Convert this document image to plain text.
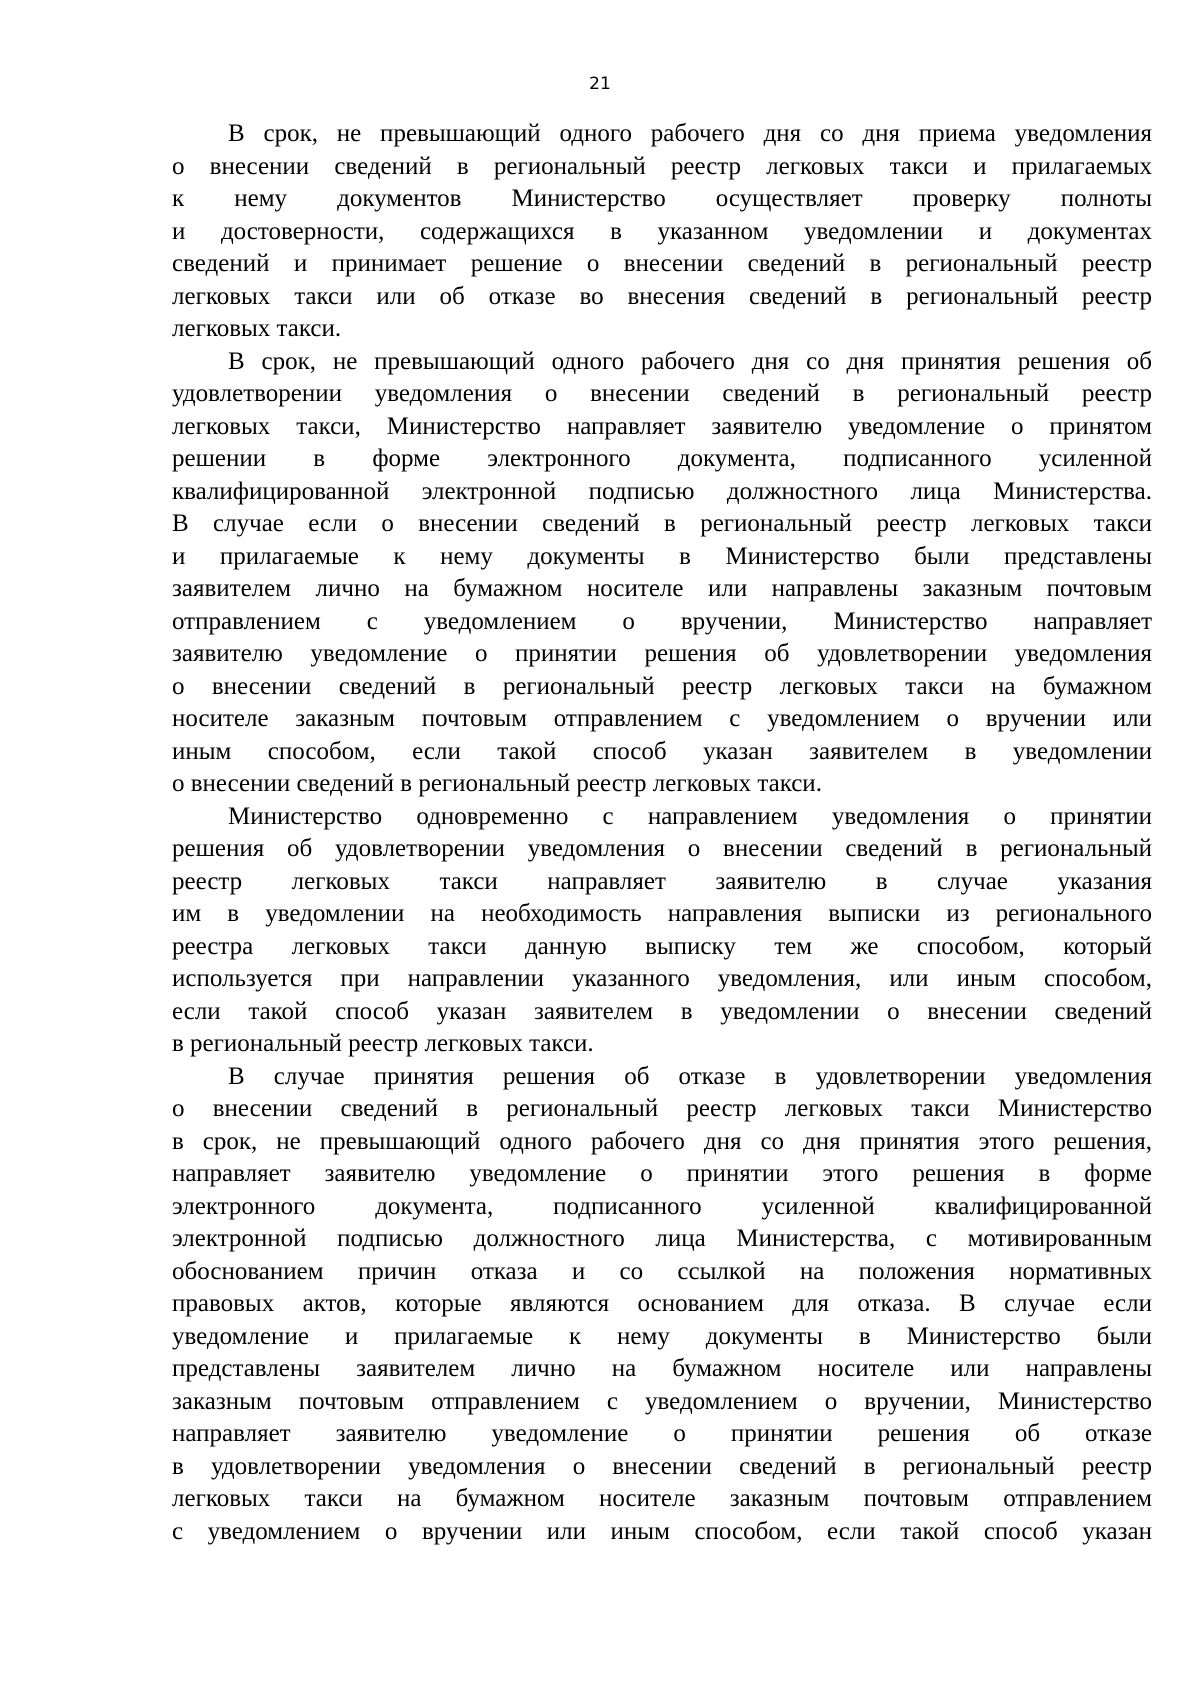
21
В срок, не превышающий одного рабочего дня со дня приема уведомления
о внесении сведений в региональный реестр легковых такси и прилагаемых
к нему документов Министерство осуществляет проверку полноты
и достоверности, содержащихся в указанном уведомлении и документах
сведений и принимает решение о внесении сведений в региональный реестр
легковых такси или об отказе во внесения сведений в региональный реестр
легковых такси.
В срок, не превышающий одного рабочего дня со дня принятия решения об
удовлетворении уведомления о внесении сведений в региональный реестр
легковых такси, Министерство направляет заявителю уведомление о принятом
решении в форме электронного документа, подписанного усиленной
квалифицированной электронной подписью должностного лица Министерства.
В случае если о внесении сведений в региональный реестр легковых такси
и прилагаемые к нему документы в Министерство были представлены
заявителем лично на бумажном носителе или направлены заказным почтовым
отправлением с уведомлением о вручении, Министерство направляет
заявителю уведомление о принятии решения об удовлетворении уведомления
о внесении сведений в региональный реестр легковых такси на бумажном
носителе заказным почтовым отправлением с уведомлением о вручении или
иным способом, если такой способ указан заявителем в уведомлении
о внесении сведений в региональный реестр легковых такси.
Министерство одновременно с направлением уведомления о принятии
решения об удовлетворении уведомления о внесении сведений в региональный
реестр легковых такси направляет заявителю в случае указания
им в уведомлении на необходимость направления выписки из регионального
реестра легковых такси данную выписку тем же способом, который
используется при направлении указанного уведомления, или иным способом,
если такой способ указан заявителем в уведомлении о внесении сведений
в региональный реестр легковых такси.
В случае принятия решения об отказе в удовлетворении уведомления
о внесении сведений в региональный реестр легковых такси Министерство
в срок, не превышающий одного рабочего дня со дня принятия этого решения,
направляет заявителю уведомление о принятии этого решения в форме
электронного документа, подписанного усиленной квалифицированной
электронной подписью должностного лица Министерства, с мотивированным
обоснованием причин отказа и со ссылкой на положения нормативных
правовых актов, которые являются основанием для отказа. В случае если
уведомление и прилагаемые к нему документы в Министерство были
представлены заявителем лично на бумажном носителе или направлены
заказным почтовым отправлением с уведомлением о вручении, Министерство
направляет заявителю уведомление о принятии решения об отказе
в удовлетворении уведомления о внесении сведений в региональный реестр
легковых такси на бумажном носителе заказным почтовым отправлением
с уведомлением о вручении или иным способом, если такой способ указан
